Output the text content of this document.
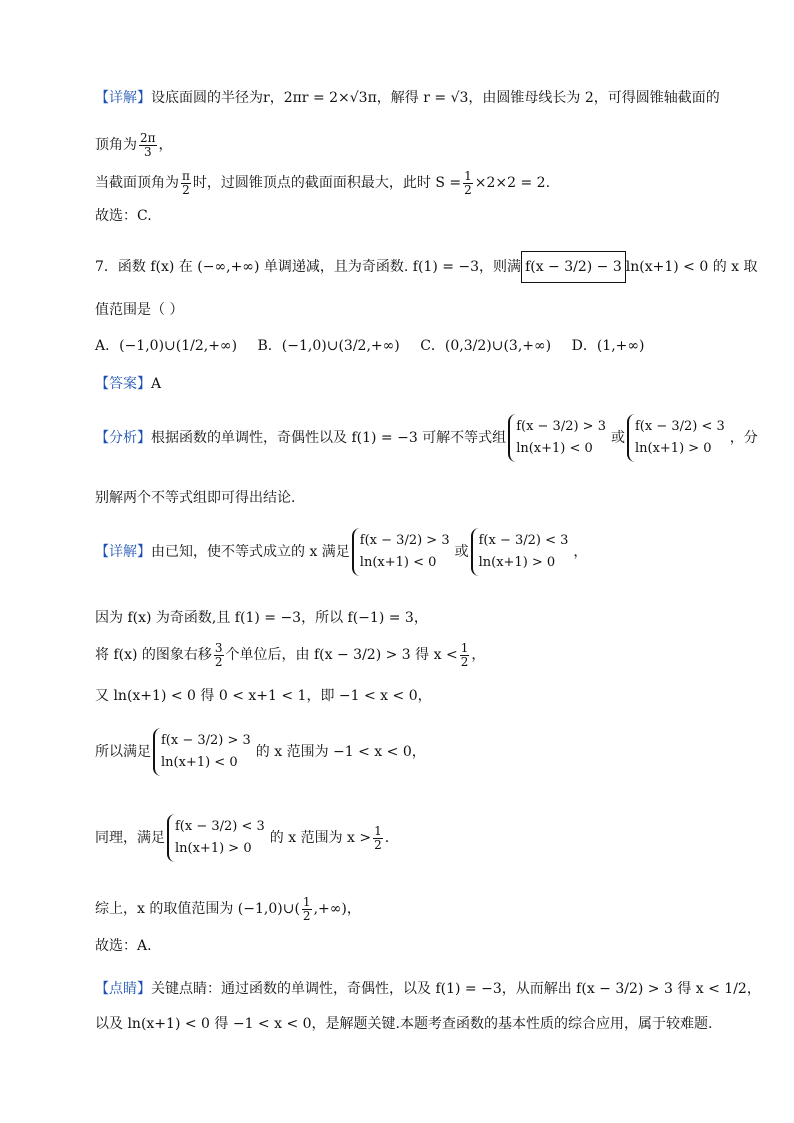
【详解】设底面圆的半径为r，2πr = 2×√3π，解得 r = √3，由圆锥母线长为 2，可得圆锥轴截面的
顶角为 $\frac{2\pi}{3}$ ，
当截面顶角为 $\frac{\pi}{2}$ 时，过圆锥顶点的截面面积最大，此时 $S = \frac{1}{2} \times 2\times 2 = 2$.
故选：C.
7．函数 f(x) 在 (−∞,+∞) 单调递减，且为奇函数. f(1) = −3，则满 f(x − 3/2) − 3 ln(x+1) < 0 的 x 取
值范围是（ ）
A．(−1,0)∪(1/2,+∞) B．(−1,0)∪(3/2,+∞) C．(0,3/2)∪(3,+∞) D．(1,+∞)
【答案】A
【分析】根据函数的单调性，奇偶性以及 f(1) = −3 可解不等式组
f(x − 3/2) > 3
ln(x+1) < 0
或
f(x − 3/2) < 3
ln(x+1) > 0
，分
别解两个不等式组即可得出结论.
【详解】由已知，使不等式成立的 x 满足
f(x − 3/2) > 3
ln(x+1) < 0
或
f(x − 3/2) < 3
ln(x+1) > 0
，
因为 f(x) 为奇函数,且 f(1) = −3，所以 f(−1) = 3，
将 f(x) 的图象右移 $\frac{3}{2}$ 个单位后，由 f(x − 3/2) > 3 得 $x < \frac{1}{2}$ ，
又 ln(x+1) < 0 得 0 < x+1 < 1，即 −1 < x < 0，
所以满足
f(x − 3/2) > 3
ln(x+1) < 0
的 x 范围为 −1 < x < 0，
同理，满足
f(x − 3/2) < 3
ln(x+1) > 0
的 x 范围为 $x > \frac{1}{2}$ .
综上，x 的取值范围为 (−1,0)∪( $\frac{1}{2}$ ,+∞)，
故选：A.
【点睛】关键点睛：通过函数的单调性，奇偶性，以及 f(1) = −3，从而解出 f(x − 3/2) > 3 得 x < 1/2，
以及 ln(x+1) < 0 得 −1 < x < 0，是解题关键.本题考查函数的基本性质的综合应用，属于较难题.
